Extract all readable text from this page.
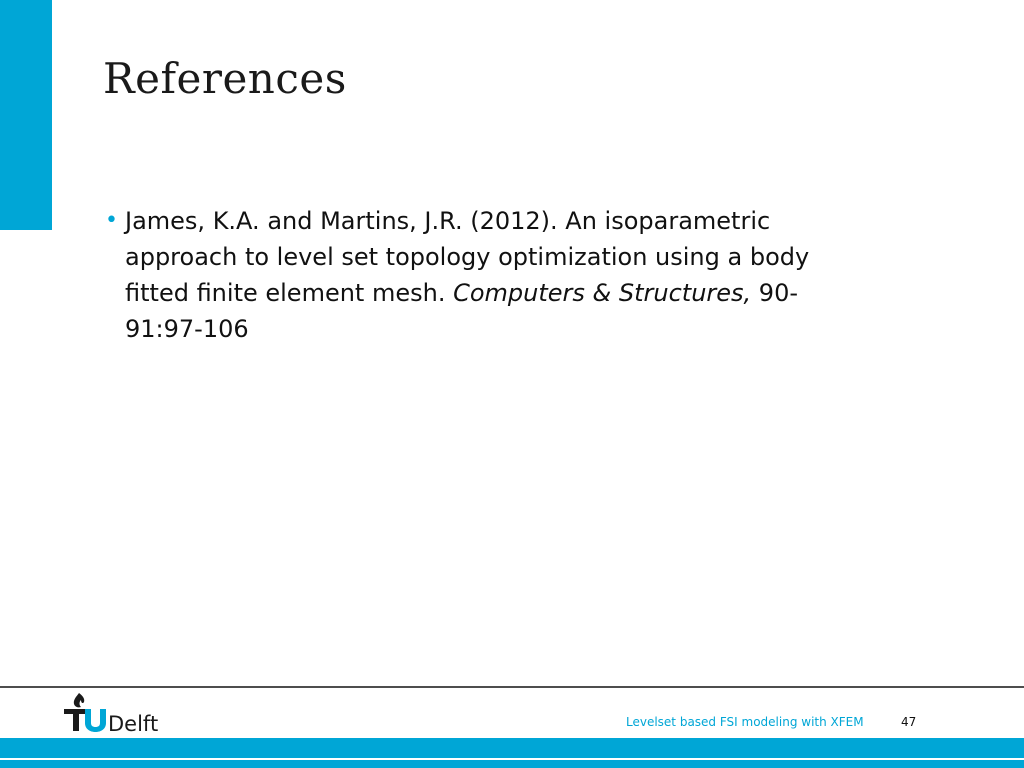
References
• James, K.A. and Martins, J.R. (2012). An isoparametric approach to level set topology optimization using a body fitted finite element mesh. Computers & Structures, 90-91:97-106
Delft	Levelset based FSI modeling with XFEM	47
